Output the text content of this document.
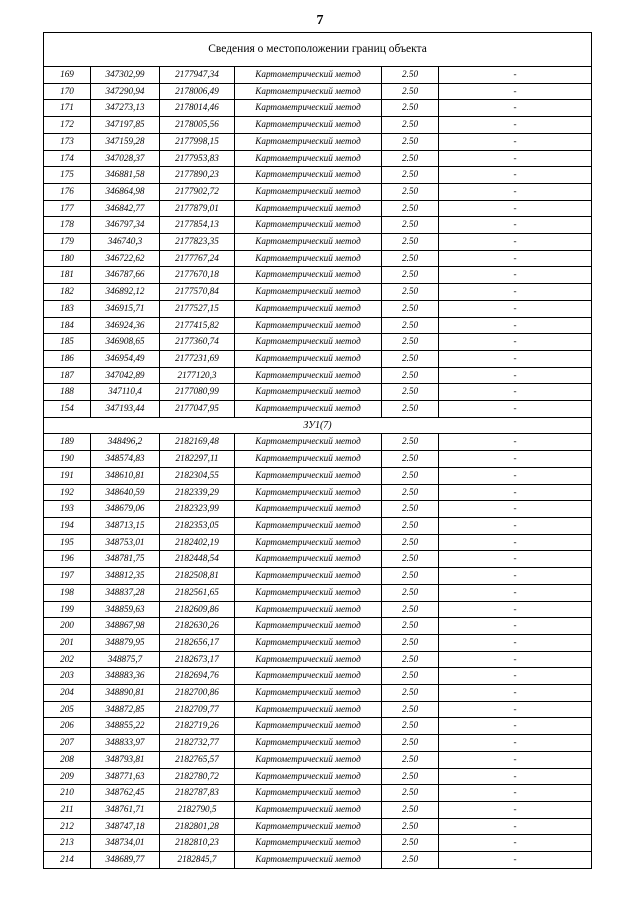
7
Сведения о местоположении границ объекта					
169	347302,99	2177947,34	Картометрический метод	2.50	-
170	347290,94	2178006,49	Картометрический метод	2.50	-
171	347273,13	2178014,46	Картометрический метод	2.50	-
172	347197,85	2178005,56	Картометрический метод	2.50	-
173	347159,28	2177998,15	Картометрический метод	2.50	-
174	347028,37	2177953,83	Картометрический метод	2.50	-
175	346881,58	2177890,23	Картометрический метод	2.50	-
176	346864,98	2177902,72	Картометрический метод	2.50	-
177	346842,77	2177879,01	Картометрический метод	2.50	-
178	346797,34	2177854,13	Картометрический метод	2.50	-
179	346740,3	2177823,35	Картометрический метод	2.50	-
180	346722,62	2177767,24	Картометрический метод	2.50	-
181	346787,66	2177670,18	Картометрический метод	2.50	-
182	346892,12	2177570,84	Картометрический метод	2.50	-
183	346915,71	2177527,15	Картометрический метод	2.50	-
184	346924,36	2177415,82	Картометрический метод	2.50	-
185	346908,65	2177360,74	Картометрический метод	2.50	-
186	346954,49	2177231,69	Картометрический метод	2.50	-
187	347042,89	2177120,3	Картометрический метод	2.50	-
188	347110,4	2177080,99	Картометрический метод	2.50	-
154	347193,44	2177047,95	Картометрический метод	2.50	-
ЗУ1(7)					
189	348496,2	2182169,48	Картометрический метод	2.50	-
190	348574,83	2182297,11	Картометрический метод	2.50	-
191	348610,81	2182304,55	Картометрический метод	2.50	-
192	348640,59	2182339,29	Картометрический метод	2.50	-
193	348679,06	2182323,99	Картометрический метод	2.50	-
194	348713,15	2182353,05	Картометрический метод	2.50	-
195	348753,01	2182402,19	Картометрический метод	2.50	-
196	348781,75	2182448,54	Картометрический метод	2.50	-
197	348812,35	2182508,81	Картометрический метод	2.50	-
198	348837,28	2182561,65	Картометрический метод	2.50	-
199	348859,63	2182609,86	Картометрический метод	2.50	-
200	348867,98	2182630,26	Картометрический метод	2.50	-
201	348879,95	2182656,17	Картометрический метод	2.50	-
202	348875,7	2182673,17	Картометрический метод	2.50	-
203	348883,36	2182694,76	Картометрический метод	2.50	-
204	348890,81	2182700,86	Картометрический метод	2.50	-
205	348872,85	2182709,77	Картометрический метод	2.50	-
206	348855,22	2182719,26	Картометрический метод	2.50	-
207	348833,97	2182732,77	Картометрический метод	2.50	-
208	348793,81	2182765,57	Картометрический метод	2.50	-
209	348771,63	2182780,72	Картометрический метод	2.50	-
210	348762,45	2182787,83	Картометрический метод	2.50	-
211	348761,71	2182790,5	Картометрический метод	2.50	-
212	348747,18	2182801,28	Картометрический метод	2.50	-
213	348734,01	2182810,23	Картометрический метод	2.50	-
214	348689,77	2182845,7	Картометрический метод	2.50	-
